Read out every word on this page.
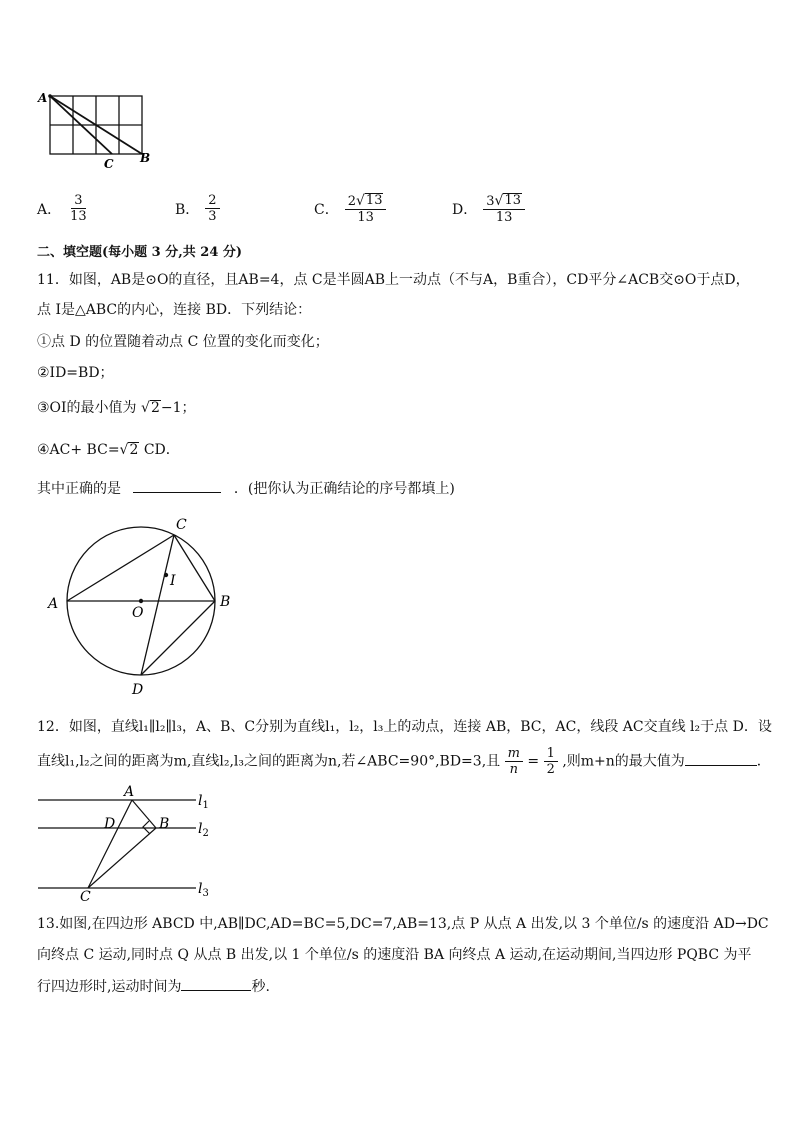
A
C B
A． $\frac{3}{13}$	B． $\frac{2}{3}$	C． $\frac{2 √ 13}{13}$	D． $\frac{3 √ 13}{13}$
二、填空题(每小题 3 分,共 24 分)
11．如图，AB是⊙O的直径，且AB=4，点 C是半圆AB上一动点（不与A，B重合），CD平分∠ACB交⊙O于点D，
点 I是△ABC的内心，连接 BD．下列结论：
①点 D 的位置随着动点 C 位置的变化而变化；
②ID=BD；
③OI的最小值为 √ 2 −1；
④AC+ BC= √ 2 CD．
其中正确的是	．(把你认为正确结论的序号都填上)
C
A	B
O
I
D
12．如图，直线l₁∥l₂∥l₃，A、B、C分别为直线l₁，l₂，l₃上的动点，连接 AB，BC，AC，线段 AC交直线 l₂于点 D．设
直线l₁,l₂之间的距离为m,直线l₂,l₃之间的距离为n,若∠ABC=90°,BD=3,且 $\frac{m}{n} = \frac{1}{2}$ ,则m+n的最大值为	．
A
B
D
C
$l_1$
$l_2$
$l_3$
13.如图,在四边形 ABCD 中,AB∥DC,AD=BC=5,DC=7,AB=13,点 P 从点 A 出发,以 3 个单位/s 的速度沿 AD→DC
向终点 C 运动,同时点 Q 从点 B 出发,以 1 个单位/s 的速度沿 BA 向终点 A 运动,在运动期间,当四边形 PQBC 为平
行四边形时,运动时间为	秒.
